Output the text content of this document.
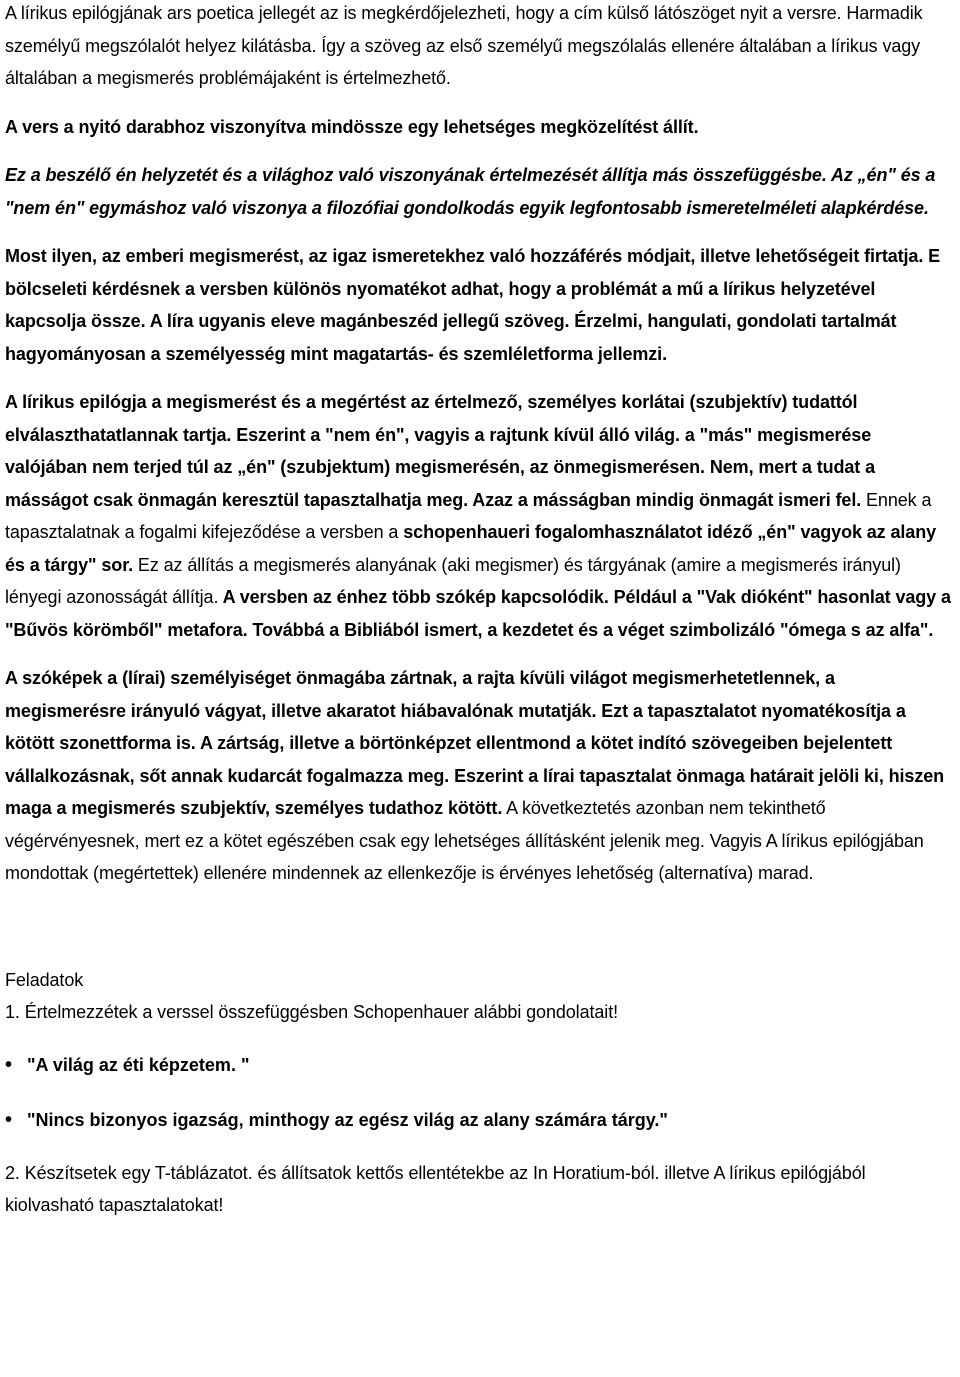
A lírikus epilógjának ars poetica jellegét az is megkérdőjelezheti, hogy a cím külső látószöget nyit a versre. Harmadik személyű megszólalót helyez kilátásba. Így a szöveg az első személyű megszólalás ellenére általában a lírikus vagy általában a megismerés problémájaként is értelmezhető.

A vers a nyitó darabhoz viszonyítva mindössze egy lehetséges megközelítést állít.

Ez a beszélő én helyzetét és a világhoz való viszonyának értelmezését állítja más összefüggésbe. Az „én" és a "nem én" egymáshoz való viszonya a filozófiai gondolkodás egyik legfontosabb ismeretelméleti alapkérdése.

Most ilyen, az emberi megismerést, az igaz ismeretekhez való hozzáférés módjait, illetve lehetőségeit firtatja. E bölcseleti kérdésnek a versben különös nyomatékot adhat, hogy a problémát a mű a lírikus helyzetével kapcsolja össze. A líra ugyanis eleve magánbeszéd jellegű szöveg. Érzelmi, hangulati, gondolati tartalmát hagyományosan a személyesség mint magatartás- és szemléletforma jellemzi.

A lírikus epilógja a megismerést és a megértést az értelmező, személyes korlátai (szubjektív) tudattól elválaszthatatlannak tartja. Eszerint a "nem én", vagyis a rajtunk kívül álló világ. a "más" megismerése valójában nem terjed túl az „én" (szubjektum) megismerésén, az önmegismerésen. Nem, mert a tudat a másságot csak önmagán keresztül tapasztalhatja meg. Azaz a másságban mindig önmagát ismeri fel. Ennek a tapasztalatnak a fogalmi kifejeződése a versben a schopenhaueri fogalomhasználatot idéző „én" vagyok az alany és a tárgy" sor. Ez az állítás a megismerés alanyának (aki megismer) és tárgyának (amire a megismerés irányul) lényegi azonosságát állítja. A versben az énhez több szókép kapcsolódik. Például a "Vak dióként" hasonlat vagy a "Bűvös körömből" metafora. Továbbá a Bibliából ismert, a kezdetet és a véget szimbolizáló "ómega s az alfa".

A szóképek a (lírai) személyiséget önmagába zártnak, a rajta kívüli világot megismerhetetlennek, a megismerésre irányuló vágyat, illetve akaratot hiábavalónak mutatják. Ezt a tapasztalatot nyomatékosítja a kötött szonettforma is. A zártság, illetve a börtönképzet ellentmond a kötet indító szövegeiben bejelentett vállalkozásnak, sőt annak kudarcát fogalmazza meg. Eszerint a lírai tapasztalat önmaga határait jelöli ki, hiszen maga a megismerés szubjektív, személyes tudathoz kötött. A következtetés azonban nem tekinthető végérvényesnek, mert ez a kötet egészében csak egy lehetséges állításként jelenik meg. Vagyis A lírikus epilógjában mondottak (megértettek) ellenére mindennek az ellenkezője is érvényes lehetőség (alternatíva) marad.

Feladatok

1. Értelmezzétek a verssel összefüggésben Schopenhauer alábbi gondolatait!

• "A világ az éti képzetem. "
• "Nincs bizonyos igazság, minthogy az egész világ az alany számára tárgy."

2. Készítsetek egy T-táblázatot. és állítsatok kettős ellentétekbe az In Horatium-ból. illetve A lírikus epilógjából kiolvasható tapasztalatokat!
